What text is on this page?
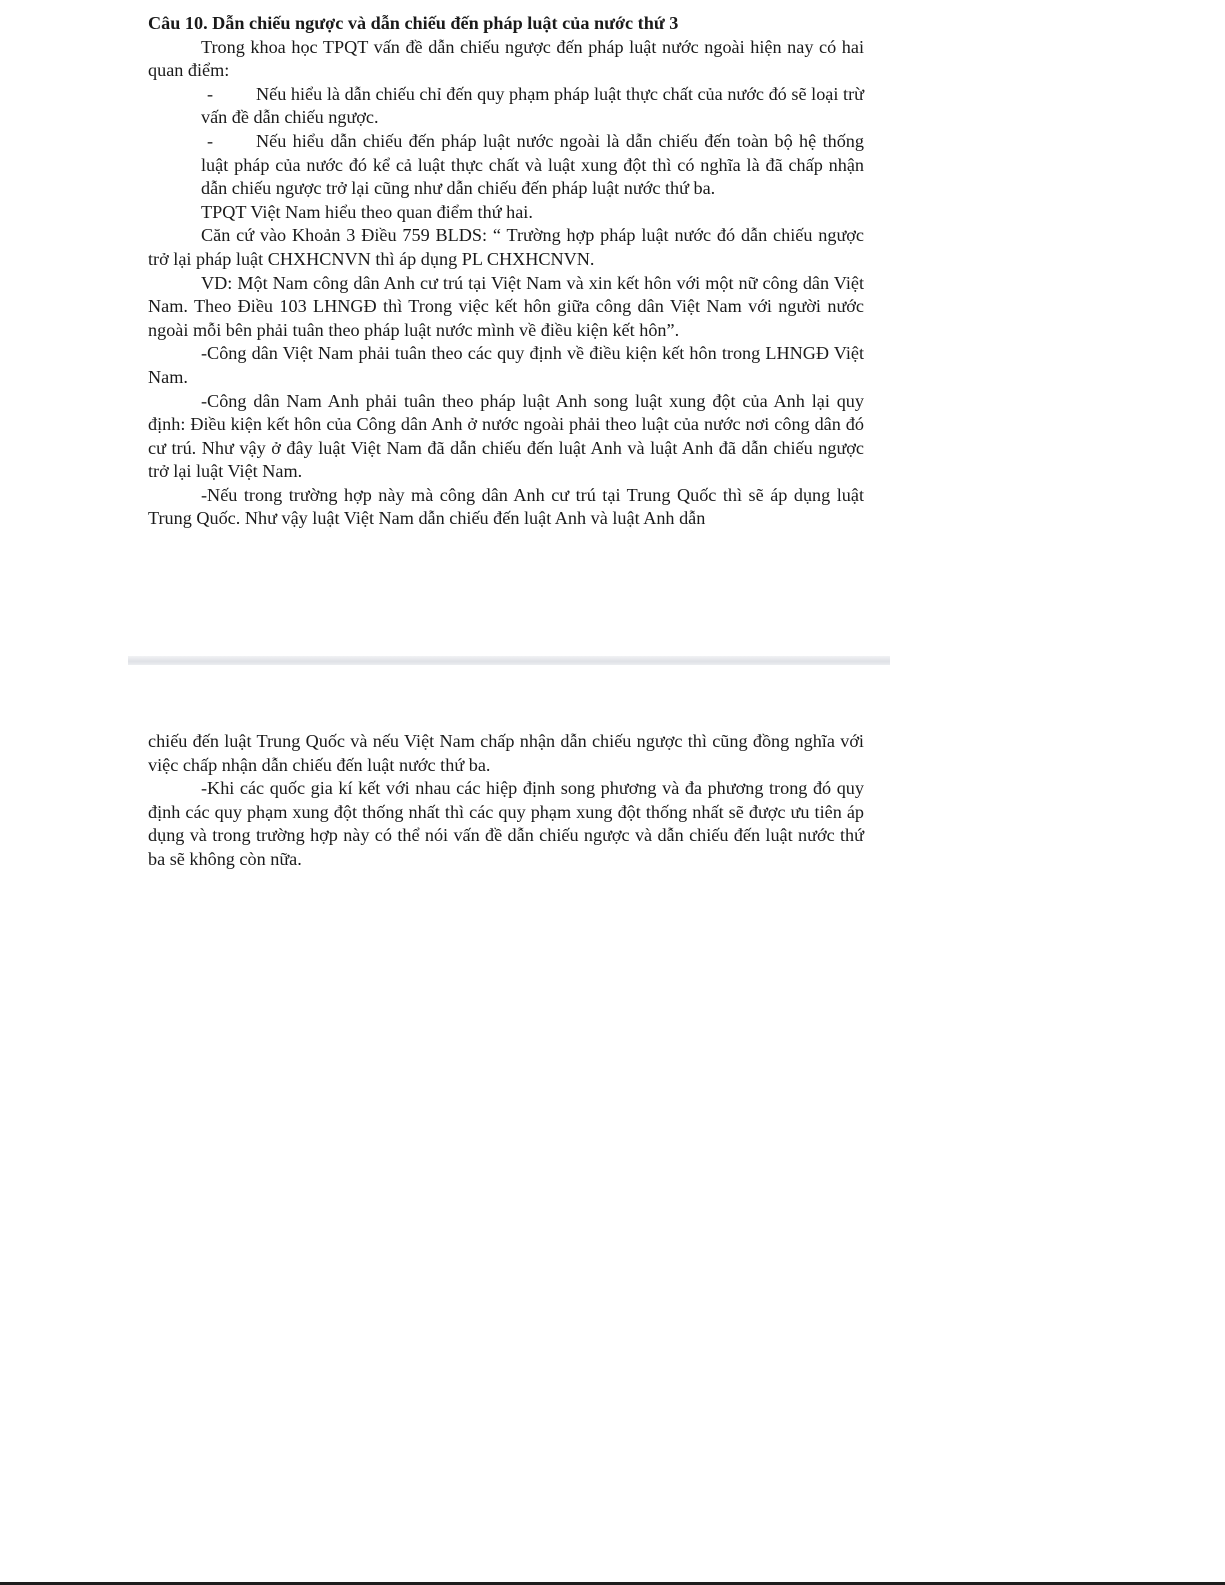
Câu 10. Dẫn chiếu ngược và dẫn chiếu đến pháp luật của nước thứ 3

Trong khoa học TPQT vấn đề dẫn chiếu ngược đến pháp luật nước ngoài hiện nay có hai quan điểm:

-	Nếu hiểu là dẫn chiếu chỉ đến quy phạm pháp luật thực chất của nước đó sẽ loại trừ vấn đề dẫn chiếu ngược.
-	Nếu hiểu dẫn chiếu đến pháp luật nước ngoài là dẫn chiếu đến toàn bộ hệ thống luật pháp của nước đó kể cả luật thực chất và luật xung đột thì có nghĩa là đã chấp nhận dẫn chiếu ngược trở lại cũng như dẫn chiếu đến pháp luật nước thứ ba.

TPQT Việt Nam hiểu theo quan điểm thứ hai.

Căn cứ vào Khoản 3 Điều 759 BLDS: “ Trường hợp pháp luật nước đó dẫn chiếu ngược trở lại pháp luật CHXHCNVN thì áp dụng PL CHXHCNVN.

VD: Một Nam công dân Anh cư trú tại Việt Nam và xin kết hôn với một nữ công dân Việt Nam. Theo Điều 103 LHNGĐ thì Trong việc kết hôn giữa công dân Việt Nam với người nước ngoài mỗi bên phải tuân theo pháp luật nước mình về điều kiện kết hôn”.

-Công dân Việt Nam phải tuân theo các quy định về điều kiện kết hôn trong LHNGĐ Việt Nam.

-Công dân Nam Anh phải tuân theo pháp luật Anh song luật xung đột của Anh lại quy định: Điều kiện kết hôn của Công dân Anh ở nước ngoài phải theo luật của nước nơi công dân đó cư trú. Như vậy ở đây luật Việt Nam đã dẫn chiếu đến luật Anh và luật Anh đã dẫn chiếu ngược trở lại luật Việt Nam.

-Nếu trong trường hợp này mà công dân Anh cư trú tại Trung Quốc thì sẽ áp dụng luật Trung Quốc. Như vậy luật Việt Nam dẫn chiếu đến luật Anh và luật Anh dẫn

chiếu đến luật Trung Quốc và nếu Việt Nam chấp nhận dẫn chiếu ngược thì cũng đồng nghĩa với việc chấp nhận dẫn chiếu đến luật nước thứ ba.

-Khi các quốc gia kí kết với nhau các hiệp định song phương và đa phương trong đó quy định các quy phạm xung đột thống nhất thì các quy phạm xung đột thống nhất sẽ được ưu tiên áp dụng và trong trường hợp này có thể nói vấn đề dẫn chiếu ngược và dẫn chiếu đến luật nước thứ ba sẽ không còn nữa.
